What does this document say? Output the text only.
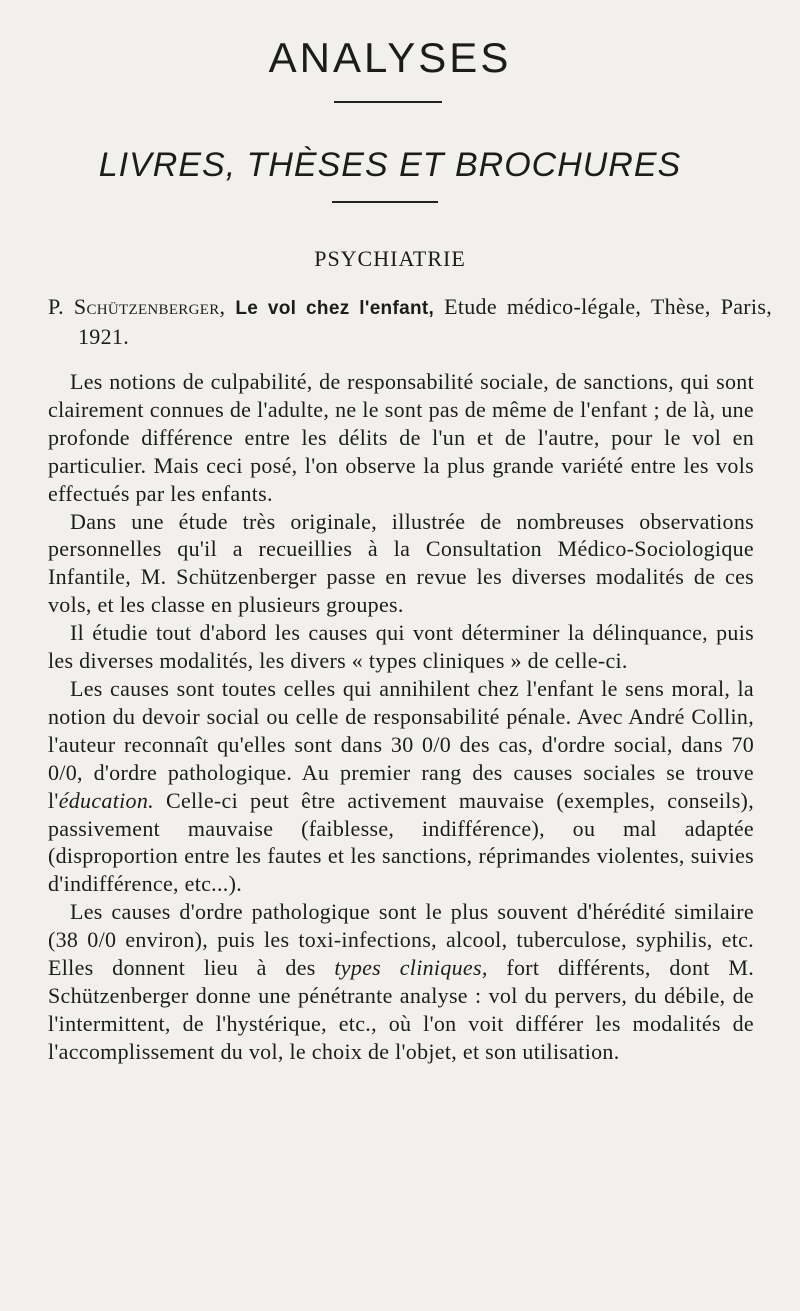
ANALYSES
LIVRES, THÈSES ET BROCHURES
PSYCHIATRIE

P. Schützenberger, Le vol chez l'enfant, Etude médico-légale, Thèse, Paris, 1921.

Les notions de culpabilité, de responsabilité sociale, de sanctions, qui sont clairement connues de l'adulte, ne le sont pas de même de l'enfant ; de là, une profonde différence entre les délits de l'un et de l'autre, pour le vol en particulier. Mais ceci posé, l'on observe la plus grande variété entre les vols effectués par les enfants.

Dans une étude très originale, illustrée de nombreuses observations personnelles qu'il a recueillies à la Consultation Médico-Sociologique Infantile, M. Schützenberger passe en revue les diverses modalités de ces vols, et les classe en plusieurs groupes.

Il étudie tout d'abord les causes qui vont déterminer la délinquance, puis les diverses modalités, les divers « types cliniques » de celle-ci.

Les causes sont toutes celles qui annihilent chez l'enfant le sens moral, la notion du devoir social ou celle de responsabilité pénale. Avec André Collin, l'auteur reconnaît qu'elles sont dans 30 0/0 des cas, d'ordre social, dans 70 0/0, d'ordre pathologique. Au premier rang des causes sociales se trouve l'éducation. Celle-ci peut être activement mauvaise (exemples, conseils), passivement mauvaise (faiblesse, indifférence), ou mal adaptée (disproportion entre les fautes et les sanctions, réprimandes violentes, suivies d'indifférence, etc...).

Les causes d'ordre pathologique sont le plus souvent d'hérédité similaire (38 0/0 environ), puis les toxi-infections, alcool, tuberculose, syphilis, etc. Elles donnent lieu à des types cliniques, fort différents, dont M. Schützenberger donne une pénétrante analyse : vol du pervers, du débile, de l'intermittent, de l'hystérique, etc., où l'on voit différer les modalités de l'accomplissement du vol, le choix de l'objet, et son utilisation.
